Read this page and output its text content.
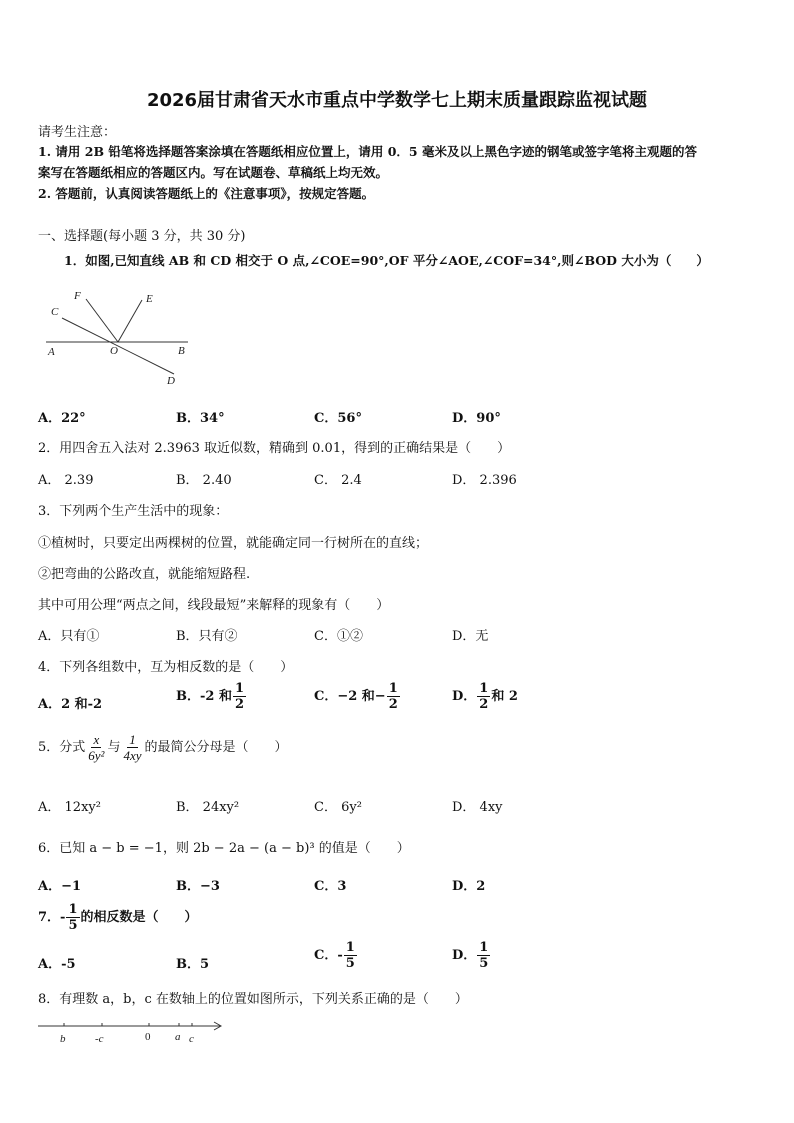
2026届甘肃省天水市重点中学数学七上期末质量跟踪监视试题
请考生注意：
1. 请用 2B 铅笔将选择题答案涂填在答题纸相应位置上，请用 0．5 毫米及以上黑色字迹的钢笔或签字笔将主观题的答
案写在答题纸相应的答题区内。写在试题卷、草稿纸上均无效。
2. 答题前，认真阅读答题纸上的《注意事项》，按规定答题。
一、选择题(每小题 3 分，共 30 分)
1．如图,已知直线 AB 和 CD 相交于 O 点,∠COE=90°,OF 平分∠AOE,∠COF=34°,则∠BOD 大小为（　　）
F	E
C
A	O	B
D
A．22°	B．34°	C．56°	D．90°
2．用四舍五入法对 2.3963 取近似数，精确到 0.01，得到的正确结果是（　　）
A． 2.39	B． 2.40	C． 2.4	D． 2.396
3．下列两个生产生活中的现象：
①植树时，只要定出两棵树的位置，就能确定同一行树所在的直线；
②把弯曲的公路改直，就能缩短路程.
其中可用公理“两点之间，线段最短”来解释的现象有（　　）
A．只有①	B．只有②	C．①②	D．无
4．下列各组数中，互为相反数的是（　　）
A．2 和-2
B．-2 和 $\frac{1}{2}$	C．−2 和− $\frac{1}{2}$	D． $\frac{1}{2}$ 和 2
5．分式 $\frac{x}{\text{6y²}}$ 与 $\frac{1}{4xy}$ 的最简公分母是（　　）
A． 12xy²	B． 24xy²	C． 6y²	D． 4xy
6．已知 a − b = −1，则 2b − 2a − (a − b)³ 的值是（　　）
A．−1	B．−3	C．3	D．2
7．- $\frac{1}{5}$ 的相反数是（　　）
A．-5	B．5
C．- $\frac{1}{5}$	D． $\frac{1}{5}$
8．有理数 a，b，c 在数轴上的位置如图所示，下列关系正确的是（　　）
b	-c	0 a c
